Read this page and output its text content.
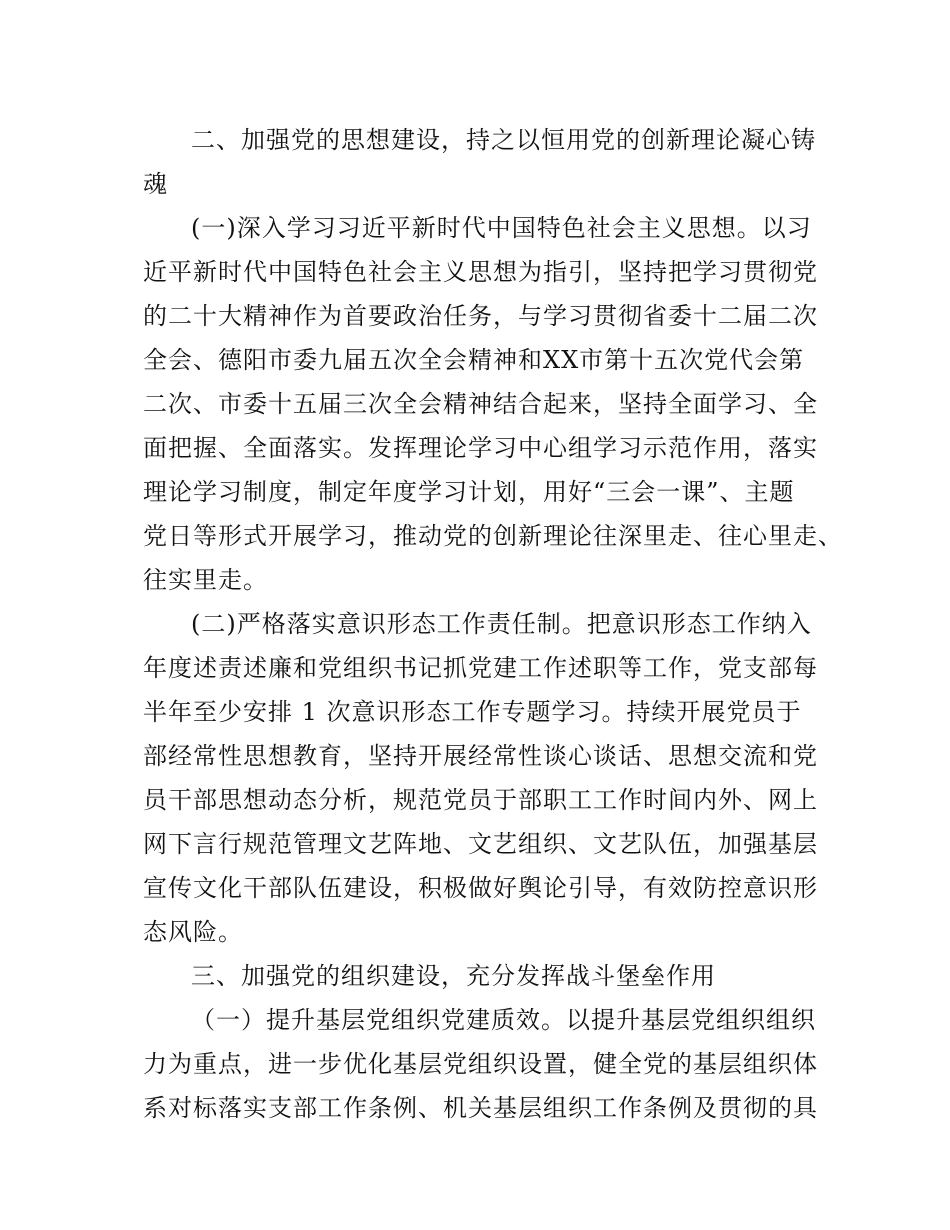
二、加强党的思想建设，持之以恒用党的创新理论凝心铸
魂
(一)深入学习习近平新时代中国特色社会主义思想。以习
近平新时代中国特色社会主义思想为指引，坚持把学习贯彻党
的二十大精神作为首要政治任务，与学习贯彻省委十二届二次
全会、德阳市委九届五次全会精神和XX市第十五次党代会第
二次、市委十五届三次全会精神结合起来，坚持全面学习、全
面把握、全面落实。发挥理论学习中心组学习示范作用，落实
理论学习制度，制定年度学习计划，用好“三会一课”、主题
党日等形式开展学习，推动党的创新理论往深里走、往心里走、
往实里走。
(二)严格落实意识形态工作责任制。把意识形态工作纳入
年度述责述廉和党组织书记抓党建工作述职等工作，党支部每
半年至少安排 1 次意识形态工作专题学习。持续开展党员于
部经常性思想教育，坚持开展经常性谈心谈话、思想交流和党
员干部思想动态分析，规范党员于部职工工作时间内外、网上
网下言行规范管理文艺阵地、文艺组织、文艺队伍，加强基层
宣传文化干部队伍建设，积极做好舆论引导，有效防控意识形
态风险。
三、加强党的组织建设，充分发挥战斗堡垒作用
（一）提升基层党组织党建质效。以提升基层党组织组织
力为重点，进一步优化基层党组织设置，健全党的基层组织体
系对标落实支部工作条例、机关基层组织工作条例及贯彻的具
